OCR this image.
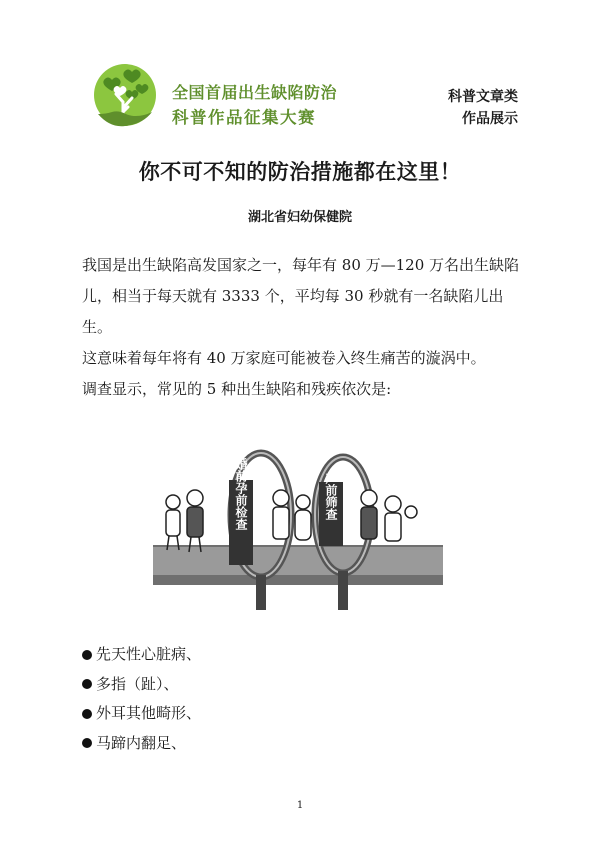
全国首届出生缺陷防治
科普作品征集大赛
科普文章类
作品展示
你不可不知的防治措施都在这里！
湖北省妇幼保健院

我国是出生缺陷高发国家之一，每年有 80 万—120 万名出生缺陷儿，相当于每天就有 3333 个，平均每 30 秒就有一名缺陷儿出生。

这意味着每年将有 40 万家庭可能被卷入终生痛苦的漩涡中。

调查显示，常见的 5 种出生缺陷和残疾依次是:

婚前孕前检查	产前筛查
先天性心脏病、
多指（趾）、
外耳其他畸形、
马蹄内翻足、
1
